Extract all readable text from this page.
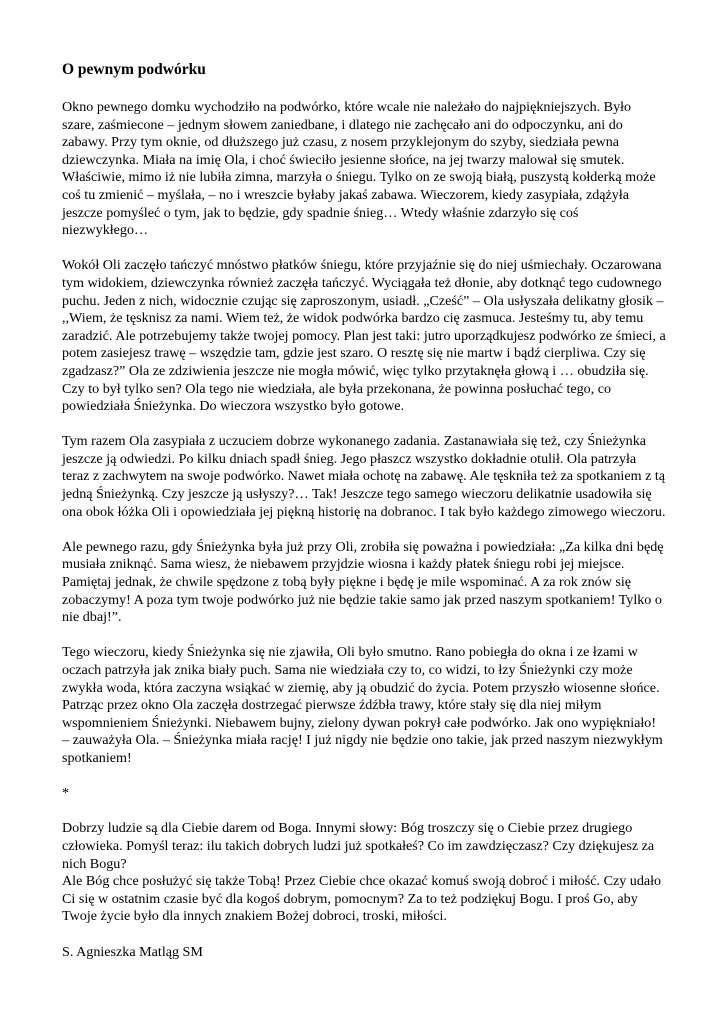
O pewnym podwórku

Okno pewnego domku wychodziło na podwórko, które wcale nie należało do najpiękniejszych. Było szare, zaśmiecone – jednym słowem zaniedbane, i dlatego nie zachęcało ani do odpoczynku, ani do zabawy. Przy tym oknie, od dłuższego już czasu, z nosem przyklejonym do szyby, siedziała pewna dziewczynka. Miała na imię Ola, i choć świeciło jesienne słońce, na jej twarzy malował się smutek. Właściwie, mimo iż nie lubiła zimna, marzyła o śniegu. Tylko on ze swoją białą, puszystą kołderką może coś tu zmienić – myślała, – no i wreszcie byłaby jakaś zabawa. Wieczorem, kiedy zasypiała, zdążyła jeszcze pomyśleć o tym, jak to będzie, gdy spadnie śnieg… Wtedy właśnie zdarzyło się coś niezwykłego…

Wokół Oli zaczęło tańczyć mnóstwo płatków śniegu, które przyjaźnie się do niej uśmiechały. Oczarowana tym widokiem, dziewczynka również zaczęła tańczyć. Wyciągała też dłonie, aby dotknąć tego cudownego puchu. Jeden z nich, widocznie czując się zaproszonym, usiadł. „Cześć” – Ola usłyszała delikatny głosik – ,,Wiem, że tęsknisz za nami. Wiem też, że widok podwórka bardzo cię zasmuca. Jesteśmy tu, aby temu zaradzić. Ale potrzebujemy także twojej pomocy. Plan jest taki: jutro uporządkujesz podwórko ze śmieci, a potem zasiejesz trawę – wszędzie tam, gdzie jest szaro. O resztę się nie martw i bądź cierpliwa. Czy się zgadzasz?” Ola ze zdziwienia jeszcze nie mogła mówić, więc tylko przytaknęła głową i … obudziła się.

Czy to był tylko sen? Ola tego nie wiedziała, ale była przekonana, że powinna posłuchać tego, co powiedziała Śnieżynka. Do wieczora wszystko było gotowe.

Tym razem Ola zasypiała z uczuciem dobrze wykonanego zadania. Zastanawiała się też, czy Śnieżynka jeszcze ją odwiedzi. Po kilku dniach spadł śnieg. Jego płaszcz wszystko dokładnie otulił. Ola patrzyła teraz z zachwytem na swoje podwórko. Nawet miała ochotę na zabawę. Ale tęskniła też za spotkaniem z tą jedną Śnieżynką. Czy jeszcze ją usłyszy?… Tak! Jeszcze tego samego wieczoru delikatnie usadowiła się ona obok łóżka Oli i opowiedziała jej piękną historię na dobranoc. I tak było każdego zimowego wieczoru.

Ale pewnego razu, gdy Śnieżynka była już przy Oli, zrobiła się poważna i powiedziała: „Za kilka dni będę musiała zniknąć. Sama wiesz, że niebawem przyjdzie wiosna i każdy płatek śniegu robi jej miejsce. Pamiętaj jednak, że chwile spędzone z tobą były piękne i będę je mile wspominać. A za rok znów się zobaczymy! A poza tym twoje podwórko już nie będzie takie samo jak przed naszym spotkaniem! Tylko o nie dbaj!”.

Tego wieczoru, kiedy Śnieżynka się nie zjawiła, Oli było smutno. Rano pobiegła do okna i ze łzami w oczach patrzyła jak znika biały puch. Sama nie wiedziała czy to, co widzi, to łzy Śnieżynki czy może zwykła woda, która zaczyna wsiąkać w ziemię, aby ją obudzić do życia. Potem przyszło wiosenne słońce. Patrząc przez okno Ola zaczęła dostrzegać pierwsze źdźbła trawy, które stały się dla niej miłym wspomnieniem Śnieżynki. Niebawem bujny, zielony dywan pokrył całe podwórko. Jak ono wypiękniało! – zauważyła Ola. – Śnieżynka miała rację! I już nigdy nie będzie ono takie, jak przed naszym niezwykłym spotkaniem!

*

Dobrzy ludzie są dla Ciebie darem od Boga. Innymi słowy: Bóg troszczy się o Ciebie przez drugiego człowieka. Pomyśl teraz: ilu takich dobrych ludzi już spotkałeś? Co im zawdzięczasz? Czy dziękujesz za nich Bogu?

Ale Bóg chce posłużyć się także Tobą! Przez Ciebie chce okazać komuś swoją dobroć i miłość. Czy udało Ci się w ostatnim czasie być dla kogoś dobrym, pomocnym? Za to też podziękuj Bogu. I proś Go, aby Twoje życie było dla innych znakiem Bożej dobroci, troski, miłości.

S. Agnieszka Matląg SM
